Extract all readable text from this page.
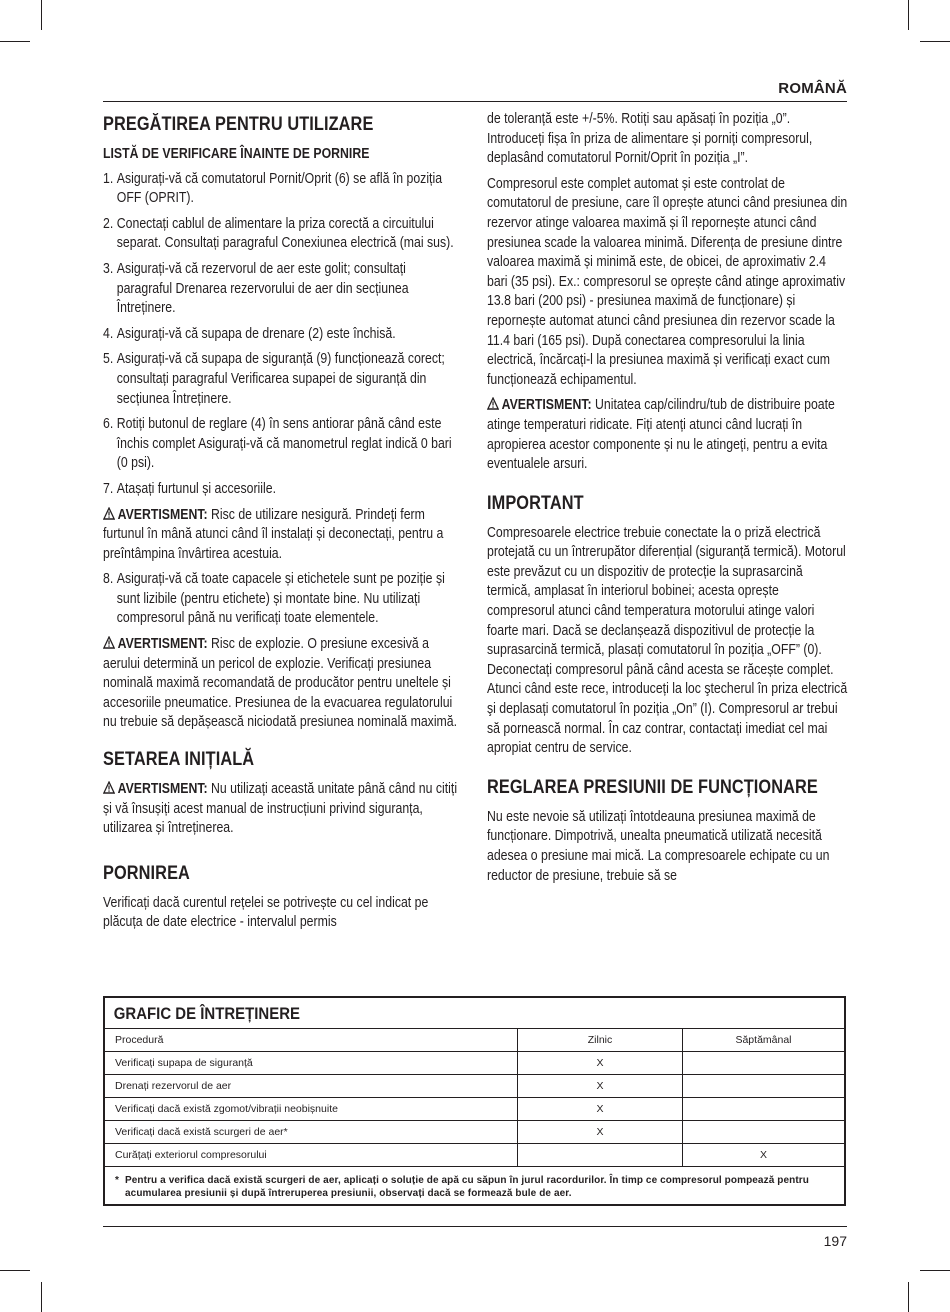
ROMÂNĂ
PREGĂTIREA PENTRU UTILIZARE
LISTĂ DE VERIFICARE ÎNAINTE DE PORNIRE
1. Asigurați-vă că comutatorul Pornit/Oprit (6) se află în poziția OFF (OPRIT).
2. Conectați cablul de alimentare la priza corectă a circuitului separat. Consultați paragraful Conexiunea electrică (mai sus).
3. Asigurați-vă că rezervorul de aer este golit; consultați paragraful Drenarea rezervorului de aer din secțiunea Întreținere.
4. Asigurați-vă că supapa de drenare (2) este închisă.
5. Asigurați-vă că supapa de siguranță (9) funcționează corect; consultați paragraful Verificarea supapei de siguranță din secțiunea Întreținere.
6. Rotiți butonul de reglare (4) în sens antiorar până când este închis complet Asigurați-vă că manometrul reglat indică 0 bari (0 psi).
7. Atașați furtunul și accesoriile.

AVERTISMENT: Risc de utilizare nesigură. Prindeți ferm furtunul în mână atunci când îl instalați și deconectați, pentru a preîntâmpina învârtirea acestuia.

8. Asigurați-vă că toate capacele și etichetele sunt pe poziție și sunt lizibile (pentru etichete) și montate bine. Nu utilizați compresorul până nu verificați toate elementele.

AVERTISMENT: Risc de explozie. O presiune excesivă a aerului determină un pericol de explozie. Verificați presiunea nominală maximă recomandată de producător pentru uneltele și accesoriile pneumatice. Presiunea de la evacuarea regulatorului nu trebuie să depășească niciodată presiunea nominală maximă.

SETAREA INIȚIALĂ

AVERTISMENT: Nu utilizați această unitate până când nu citiți și vă însușiți acest manual de instrucțiuni privind siguranța, utilizarea și întreținerea.

PORNIREA

Verificați dacă curentul rețelei se potrivește cu cel indicat pe plăcuța de date electrice - intervalul permis

de toleranță este +/-5%. Rotiți sau apăsați în poziția „0”. Introduceți fișa în priza de alimentare și porniți compresorul, deplasând comutatorul Pornit/Oprit în poziția „I”.

Compresorul este complet automat și este controlat de comutatorul de presiune, care îl oprește atunci când presiunea din rezervor atinge valoarea maximă și îl repornește atunci când presiunea scade la valoarea minimă. Diferența de presiune dintre valoarea maximă și minimă este, de obicei, de aproximativ 2.4 bari (35 psi). Ex.: compresorul se oprește când atinge aproximativ 13.8 bari (200 psi) - presiunea maximă de funcționare) și repornește automat atunci când presiunea din rezervor scade la 11.4 bari (165 psi). După conectarea compresorului la linia electrică, încărcați-l la presiunea maximă și verificați exact cum funcționează echipamentul.

AVERTISMENT: Unitatea cap/cilindru/tub de distribuire poate atinge temperaturi ridicate. Fiți atenți atunci când lucrați în apropierea acestor componente și nu le atingeți, pentru a evita eventualele arsuri.

IMPORTANT

Compresoarele electrice trebuie conectate la o priză electrică protejată cu un întrerupător diferențial (siguranță termică). Motorul este prevăzut cu un dispozitiv de protecție la suprasarcină termică, amplasat în interiorul bobinei; acesta oprește compresorul atunci când temperatura motorului atinge valori foarte mari. Dacă se declanșează dispozitivul de protecție la suprasarcină termică, plasați comutatorul în poziția „OFF” (0). Deconectați compresorul până când acesta se răcește complet. Atunci când este rece, introduceți la loc ştecherul în priza electrică şi deplasați comutatorul în poziția „On” (I). Compresorul ar trebui să pornească normal. În caz contrar, contactați imediat cel mai apropiat centru de service.

REGLAREA PRESIUNII DE FUNCȚIONARE

Nu este nevoie să utilizați întotdeauna presiunea maximă de funcționare. Dimpotrivă, unealta pneumatică utilizată necesită adesea o presiune mai mică. La compresoarele echipate cu un reductor de presiune, trebuie să se

GRAFIC DE ÎNTREȚINERE
Procedură	Zilnic	Săptămânal
Verificați supapa de siguranță	X	
Drenați rezervorul de aer	X	
Verificați dacă există zgomot/vibrații neobișnuite	X	
Verificați dacă există scurgeri de aer*	X	
Curățați exteriorul compresorului		X
* Pentru a verifica dacă există scurgeri de aer, aplicați o soluție de apă cu săpun în jurul racordurilor. În timp ce compresorul pompează pentru
acumularea presiunii și după întreruperea presiunii, observați dacă se formează bule de aer.
197
